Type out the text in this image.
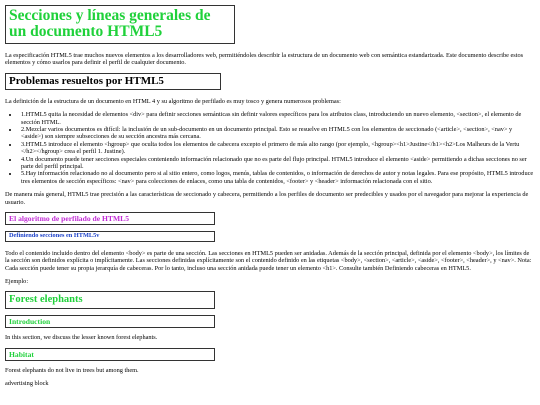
Secciones y líneas generales de un documento HTML5

La especificación HTML5 trae muchos nuevos elementos a los desarrolladores web, permitiéndoles describir la estructura de un documento web con semántica estandarizada. Este documento describe estos elementos y cómo usarlos para definir el perfil de cualquier documento.

Problemas resueltos por HTML5

La definición de la estructura de un documento en HTML 4 y su algoritmo de perfilado es muy tosco y genera numerosos problemas:

• 1.HTML5 quita la necesidad de elementos <div> para definir secciones semánticas sin definir valores específicos para los atributos class, introduciendo un nuevo elemento, <section>, el elemento de sección HTML.
• 2.Mezclar varios documentos es difícil: la inclusión de un sub-documento en un documento principal. Esto se resuelve en HTML5 con los elementos de seccionado (<article>, <section>, <nav> y <aside>) son siempre subsecciones de su sección ancestra más cercana.
• 3.HTML5 introduce el elemento <hgroup> que oculta todos los elementos de cabecera excepto el primero de más alto rango (por ejemplo, <hgroup><h1>Justine</h1><h2>Los Malheurs de la Vertu </h2></hgroup> crea el perfil 1. Justine).
• 4.Un documento puede tener secciones especiales conteniendo información relacionado que no es parte del flujo principal. HTML5 introduce el elemento <aside> permitiendo a dichas secciones no ser parte del perfil principal.
• 5.Hay información relacionado no al documento pero si al sitio entero, como logos, menús, tablas de contenidos, o información de derechos de autor y notas legales. Para ese propósito, HTML5 introduce tres elementos de sección específicos: <nav> para colecciones de enlaces, como una tabla de contenidos, <footer> y <header> información relacionada con el sitio.

De manera más general, HTML5 trae precisión a las características de seccionado y cabecera, permitiendo a los perfiles de documento ser predecibles y usados por el navegador para mejorar la experiencia de usuario.

El algoritmo de perfilado de HTML5
Definiendo secciones en HTML5v

Todo el contenido incluido dentro del elemento <body> es parte de una sección. Las secciones en HTML5 pueden ser anidadas. Además de la sección principal, definida por el elemento <body>, los límites de la sección son definidos explícita o implícitamente. Las secciones definidas explícitamente son el contenido definido en las etiquetas <body>, <section>, <article>, <aside>, <footer>, <header>, y <nav>. Nota: Cada sección puede tener su propia jerarquía de cabeceras. Por lo tanto, incluso una sección anidada puede tener un elemento <h1>. Consulte también Definiendo cabeceras en HTML5.

Ejemplo:

Forest elephants
Introduction

In this section, we discuss the lesser known forest elephants.

Habitat

Forest elephants do not live in trees but among them.

advertising block
